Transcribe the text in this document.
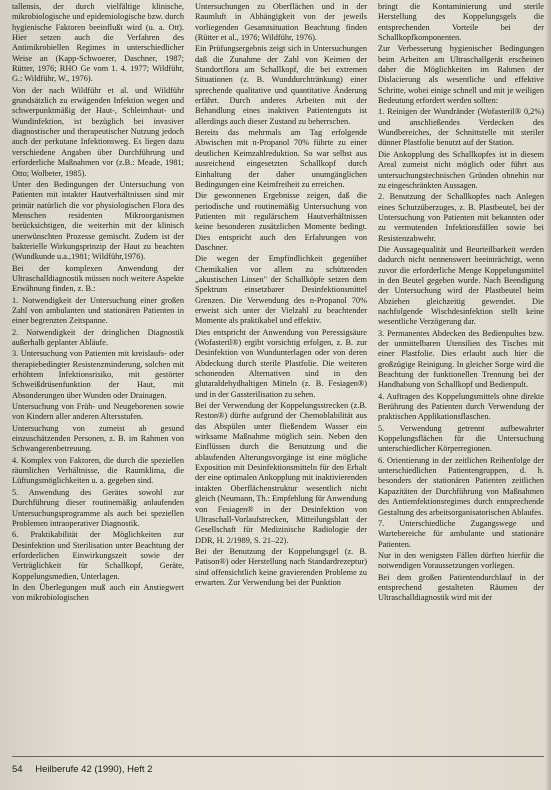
tallensis, der durch vielfältige klinische, mikrobiologische und epidemiologische bzw. durch hygienische Faktoren beeinflußt wird (u. a. Ott). Hier setzen auch die Verfahren des Antimikrobiellen Regimes in unterschiedlicher Weise an (Kapp-Schwoerer, Daschner, 1987; Rütter, 1976; RHO Ge vom 1. 4. 1977; Wildführ, G.: Wildführ, W., 1976).

Von der nach Wildführ et al. und Wildführ grundsätzlich zu erwägenden Infektion wegen und schwerpunktmäßig der Haut-, Schleimhaut- und Wundinfektion, ist bezüglich bei invasiver diagnostischer und therapeutischer Nutzung jedoch auch der perkutane Infektionsweg. Es liegen dazu verschiedene Angaben über Durchführung und erforderliche Maßnahmen vor (z.B.: Meade, 1981; Otto; Wolbeter, 1985).

Unter den Bedingungen der Untersuchung von Patienten mit intakter Hautverhältnissen sind mir primär natürlich die vor physiologischen Flora des Menschen residenten Mikroorganismen berücksichtigen, die weiterhin mit der klinisch unerwünschten Prozesse gemischt. Zudem ist der bakterielle Wirkungsprinzip der Haut zu beachten (Wundkunde u.a.,1981; Wildführ,1976).

Bei der komplexen Anwendung der Ultraschalldiagnostik müssen noch weitere Aspekte Erwähnung finden, z. B.:

1. Notwendigkeit der Untersuchung einer großen Zahl von ambulanten und stationären Patienten in einer begrenzten Zeitspanne.

2. Notwendigkeit der dringlichen Diagnostik außerhalb geplanter Abläufe.

3. Untersuchung von Patienten mit kreislaufs- oder therapiebedingter Resistenzminderung, solchen mit erhöhtem Infektionsrisiko, mit gestörter Schweißdrüsenfunktion der Haut, mit Absonderungen über Wunden oder Drainagen.

Untersuchung von Früh- und Neugeborenen sowie von Kindern aller anderen Altersstufen.

Untersuchung von zumeist ab gesund einzuschätzenden Personen, z. B. im Rahmen von Schwangerenbetreuung.

4. Komplex von Faktoren, die durch die speziellen räumlichen Verhältnisse, die Raumklima, die Lüftungsmöglichkeiten u. a. gegeben sind.

5. Anwendung des Gerätes sowohl zur Durchführung dieser routinemäßig anlaufenden Untersuchungsprogramme als auch bei speziellen Problemen intraoperativer Diagnostik.

6. Praktikabilität der Möglichkeiten zur Desinfektion und Sterilisation unter Beachtung der erforderlichen Einwirkungszeit sowie der Verträglichkeit für Schallkopf, Geräte, Koppelungsmedien, Unterlagen.

In den Überlegungen muß auch ein Anstiegwert von mikrobiologischen

Untersuchungen zu Oberflächen und in der Raumluft in Abhängigkeit von der jeweils vorliegenden Gesamtsituation Beachtung finden (Rütter et al., 1976; Wildführ, 1976).

Ein Prüfungsergebnis zeigt sich in Untersuchungen daß die Zunahme der Zahl von Keimen der Standortflora am Schallkopf, die bei extremen Situationen (z. B. Wunddurchtränkung) einer sprechende qualitative und quantitative Änderung erfährt. Durch anderes Arbeiten mit der Behandlung eines inaktiven Patientenguts ist allerdings auch dieser Zustand zu beherrschen.

Bereits das mehrmals am Tag erfolgende Abwischen mit n-Propanol 70% führte zu einer deutlichen Keimzahlreduktion. So war selbst aus ausreichend eingesetzten Schallkopf durch Einhaltung der daher unumgänglichen Bedingungen eine Keimfreiheit zu erreichen.

Die gewonnenen Ergebnisse zeigen, daß die periodische und routinemäßig Untersuchung von Patienten mit regulärschem Hautverhältnissen keine besonderen zusätzlichen Momente bedingt. Dies entspricht auch den Erfahrungen von Daschner.

Die wegen der Empfindlichkeit gegenüber Chemikalien vor allem zu schützenden „akustischen Linsen" der Schallköpfe setzen dem Spektrum einsetzbarer Desinfektionsmittel Grenzen. Die Verwendung des n-Propanol 70% erweist sich unter der Vielzahl zu beachtender Momente als praktikabel und effektiv.

Dies entspricht der Anwendung von Peressigsäure (Wofasteril®) ergibt vorsichtig erfolgen, z. B. zur Desinfektion von Wundunterlagen oder von deren Abdeckung durch sterile Plastfolie. Die weiteren schonenden Alternativen sind in den glutaraldehydhaltigen Mitteln (z. B. Fesiagen®) und in der Gassterilisation zu sehen.

Bei der Verwendung der Koppelungsstrecken (z.B. Reston®) dürfte aufgrund der Chemoblabilität aus das Abspülen unter fließendem Wasser ein wirksame Maßnahme möglich sein. Neben den Einflüssen durch die Benutzung und die ablaufenden Alterungsvorgänge ist eine mögliche Exposition mit Desinfektionsmitteln für den Erhalt der eine optimalen Ankopplung mit inaktivierenden intakten Oberflächenstruktur wesentlich nicht gleich (Neumann, Th.: Empfehlung für Anwendung von Fesiagen® in der Desinfektion von Ultraschall-Vorlaufstrecken, Mitteilungsblatt der Gesellschaft für Medizinische Radiologie der DDR, H. 2/1989, S. 21–22).

Bei der Benutzung der Koppelungsgel (z. B. Patison®) oder Herstellung nach Standardrezeptur) sind offensichtlich keine gravierenden Probleme zu erwarten. Zur Verwendung bei der Punktion

bringt die Kontaminierung und sterile Herstellung des Koppelungsgels die entsprechenden Vorteile bei der Schallkopfkomponenten.

Zur Verbesserung hygienischer Bedingungen beim Arbeiten am Ultraschallgerät erscheinen daher die Möglichkeiten im Rahmen der Dislacierung als wesentliche und effektive Schritte, wobei einige schnell und mit je weiligen Bedeutung erfordert werden sollten:

1. Reinigen der Wundränder (Wofasteril® 0,2%) und anschließendes Verdecken des Wundbereiches, der Schnittstelle mit steriler dünner Plastfolie benutzt auf der Station.

Die Ankopplung des Schallkopfes ist in diesem Areal zumeist nicht möglich oder führt aus untersuchungstechnischen Gründen ohnehin nur zu eingeschränkten Aussagen.

2. Benutzung der Schallkopfes nach Anlegen eines Schutzüberzuges, z. B. Plastbeutel, bei der Untersuchung von Patienten mit bekannten oder zu vermutenden Infektionsfällen sowie bei Resistenzabwehr.

Die Aussagequalität und Beurteilbarkeit werden dadurch nicht nennenswert beeinträchtigt, wenn zuvor die erforderliche Menge Koppelungsmittel in den Beutel gegeben wurde. Nach Beendigung der Untersuchung wird der Plastbeutel beim Abziehen gleichzeitig gewendet. Die nachfolgende Wischdesinfektion stellt keine wesentliche Verzögerung dar.

3. Permanentes Abdecken des Bedienpultes bzw. der unmittelbaren Utensilien des Tisches mit einer Plastfolie. Dies erlaubt auch hier die großzügige Reinigung. In gleicher Sorge wird die Beachtung der funktionellen Trennung bei der Handhabung von Schallkopf und Bedienpult.

4. Auftragen des Koppelungsmittels ohne direkte Berührung des Patienten durch Verwendung der praktischen Applikationsflaschen.

5. Verwendung getrennt aufbewahrter Koppelungsflächen für die Untersuchung unterschiedlicher Körperregionen.

6. Orientierung in der zeitlichen Reihenfolge der unterschiedlichen Patientengruppen, d. h. besonders der stationären Patienten zeitlichen Kapazitäten der Durchführung von Maßnahmen des Antiemfektionsregimes durch entsprechende Gestaltung des arbeitsorganisatorischen Ablaufes.

7. Unterschiedliche Zugangswege und Wartebereiche für ambulante und stationäre Patienten.

Nur in den wenigsten Fällen dürften hierfür die notwendigen Voraussetzungen vorliegen.

Bei dem großen Patientendurchlauf in der entsprechend gestalteten Räumen der Ultraschalldiagnostik wird mit der

54 Heilberufe 42 (1990), Heft 2
